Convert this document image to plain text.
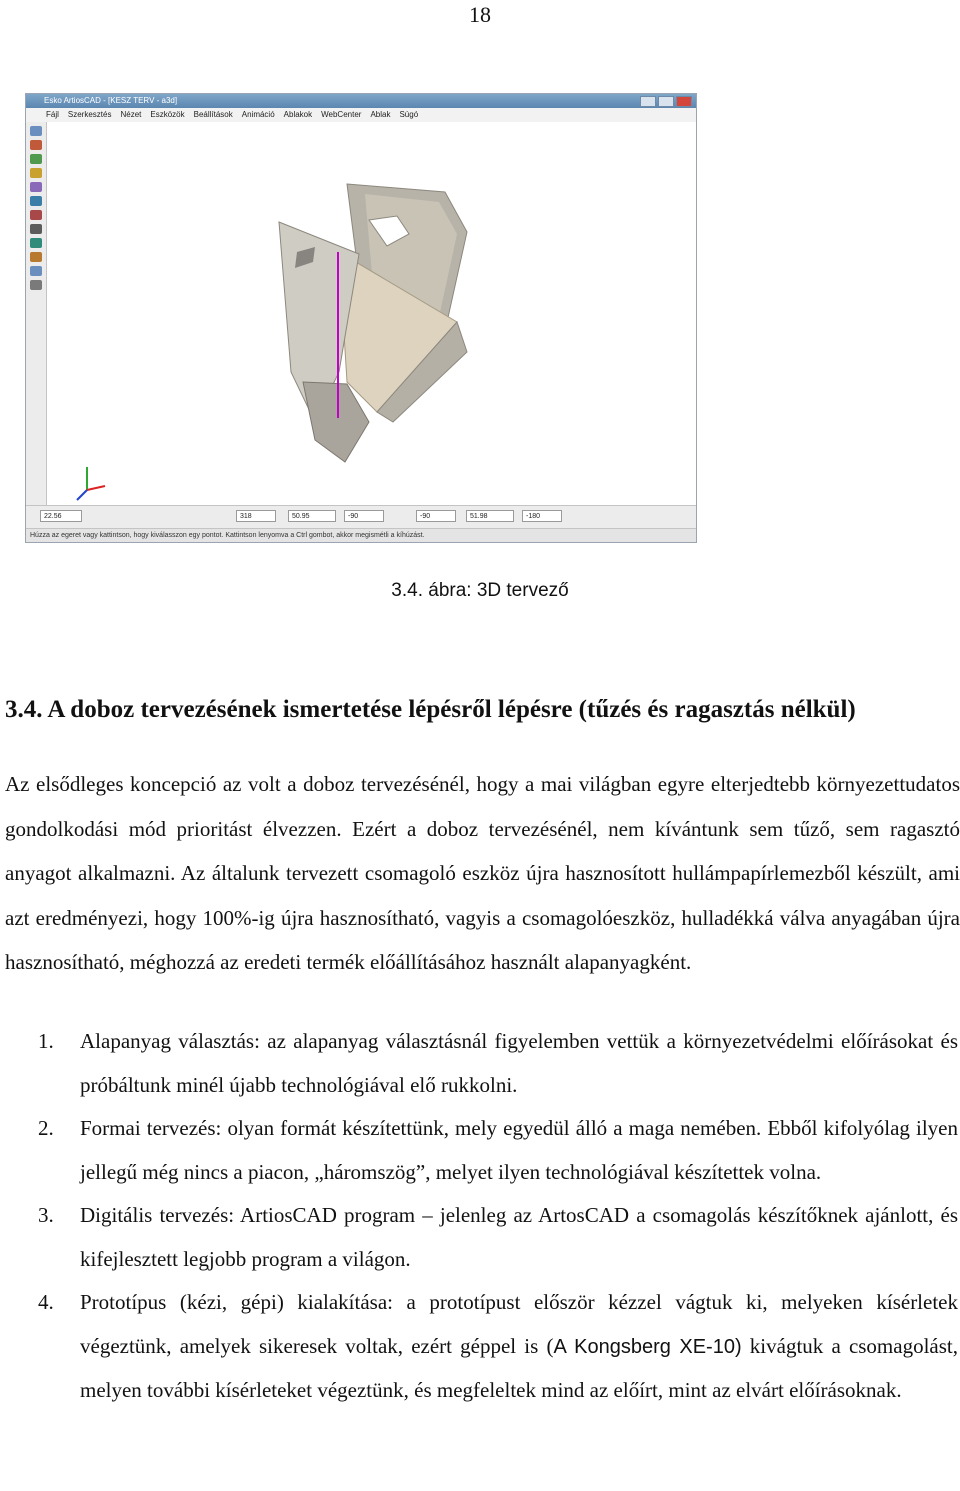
18
Esko ArtiosCAD - [KESZ TERV - a3d]
Fájl Szerkesztés Nézet Eszközök Beállítások Animáció Ablakok WebCenter Ablak Súgó
22.56	318	50.95	-90	-90	51.98	-180
Húzza az egeret vagy kattintson, hogy kiválasszon egy pontot. Kattintson lenyomva a Ctrl gombot, akkor megismétli a kíhúzást.
3.4. ábra: 3D tervező
3.4. A doboz tervezésének ismertetése lépésről lépésre (tűzés és ragasztás nélkül)

Az elsődleges koncepció az volt a doboz tervezésénél, hogy a mai világban egyre elterjedtebb környezettudatos gondolkodási mód prioritást élvezzen. Ezért a doboz tervezésénél, nem kívántunk sem tűző, sem ragasztó anyagot alkalmazni. Az általunk tervezett csomagoló eszköz újra hasznosított hullámpapírlemezből készült, ami azt eredményezi, hogy 100%-ig újra hasznosítható, vagyis a csomagolóeszköz, hulladékká válva anyagában újra hasznosítható, méghozzá az eredeti termék előállításához használt alapanyagként.

1. Alapanyag választás: az alapanyag választásnál figyelemben vettük a környezetvédelmi előírásokat és próbáltunk minél újabb technológiával elő rukkolni.
2. Formai tervezés: olyan formát készítettünk, mely egyedül álló a maga nemében. Ebből kifolyólag ilyen jellegű még nincs a piacon, „háromszög”, melyet ilyen technológiával készítettek volna.
3. Digitális tervezés: ArtiosCAD program – jelenleg az ArtosCAD a csomagolás készítőknek ajánlott, és kifejlesztett legjobb program a világon.
4. Prototípus (kézi, gépi) kialakítása: a prototípust először kézzel vágtuk ki, melyeken kísérletek végeztünk, amelyek sikeresek voltak, ezért géppel is (A Kongsberg XE-10) kivágtuk a csomagolást, melyen további kísérleteket végeztünk, és megfeleltek mind az előírt, mint az elvárt előírásoknak.
